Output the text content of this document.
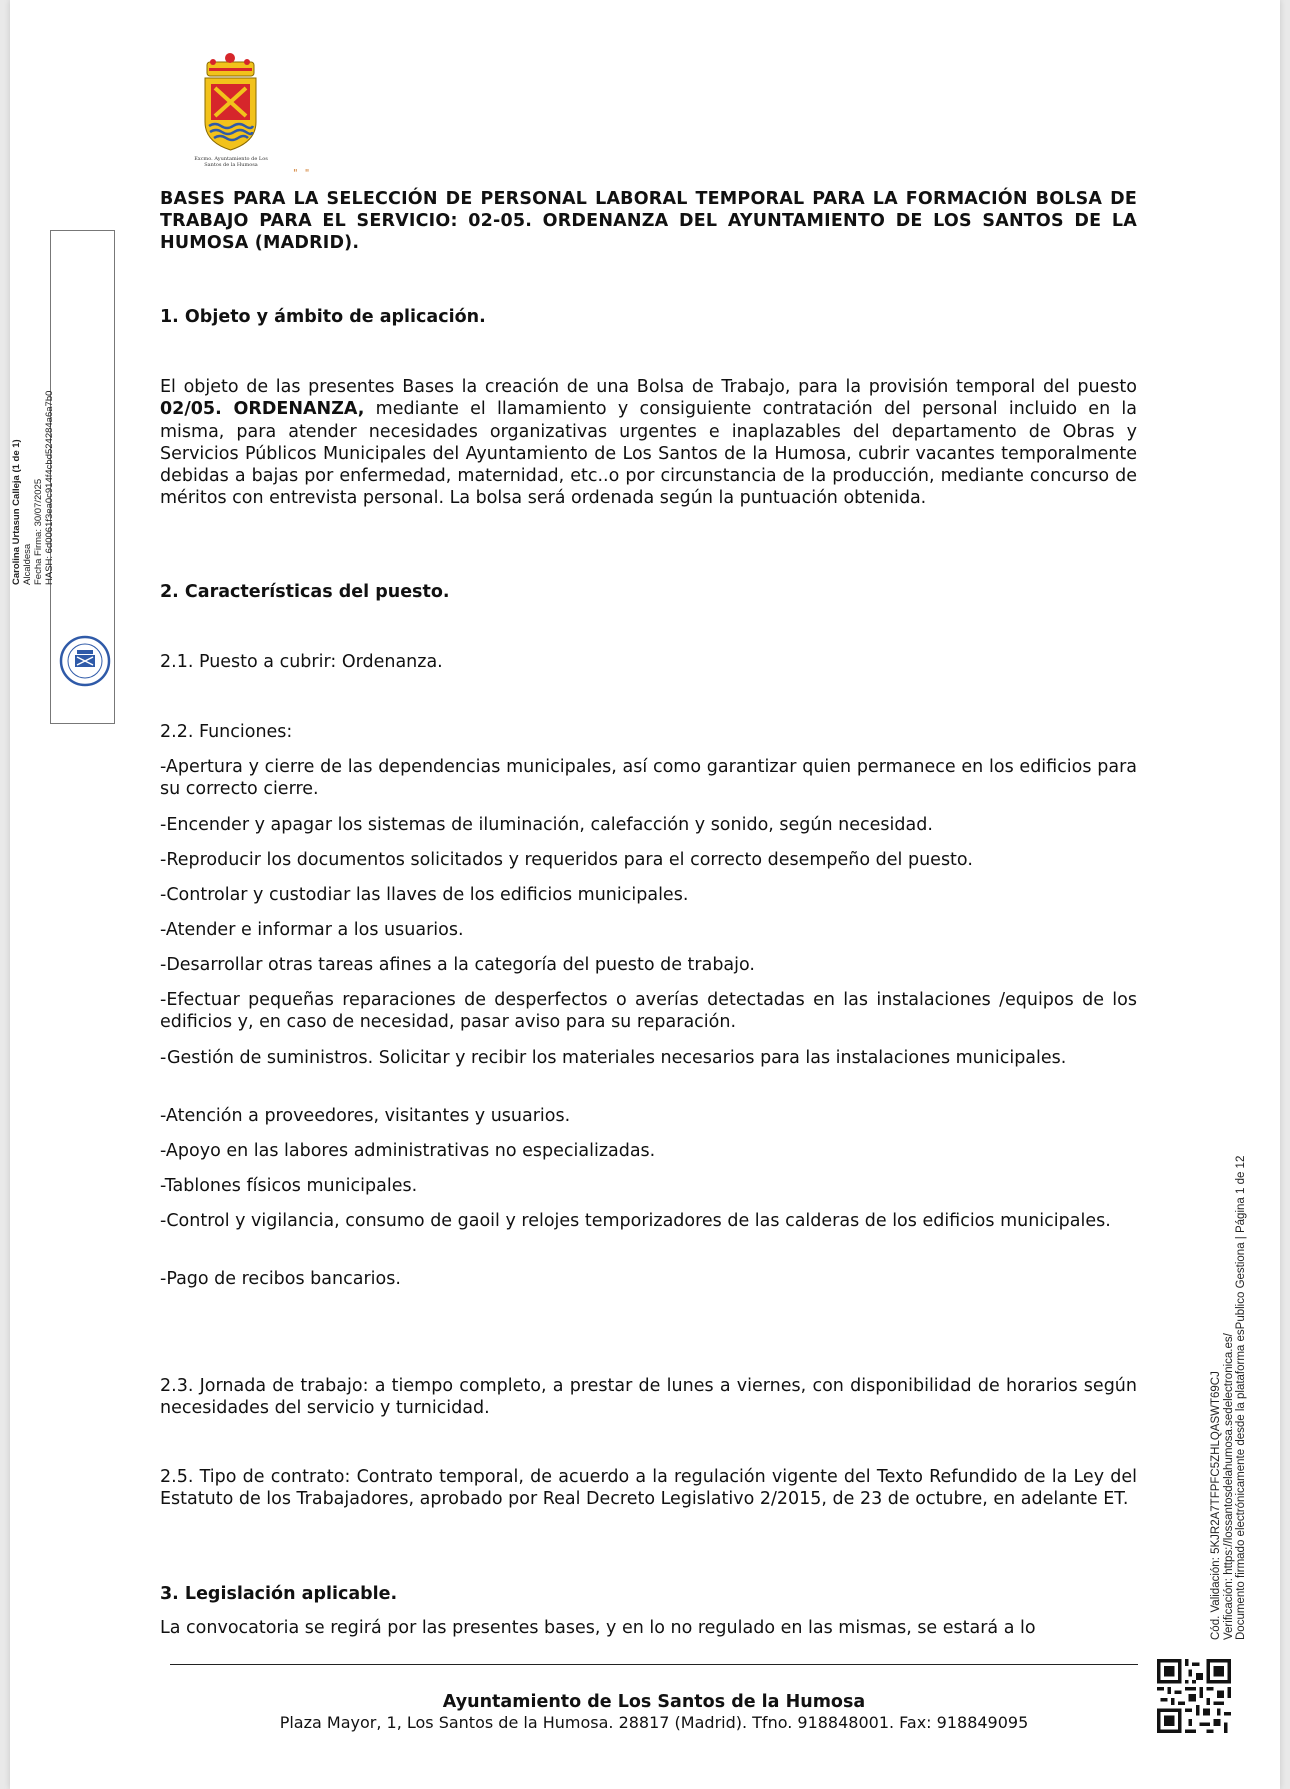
Excmo. Ayuntamiento de Los Santos de la Humosa
" "
BASES PARA LA SELECCIÓN DE PERSONAL LABORAL TEMPORAL PARA LA FORMACIÓN BOLSA DE TRABAJO PARA EL SERVICIO: 02-05. ORDENANZA DEL AYUNTAMIENTO DE LOS SANTOS DE LA HUMOSA (MADRID).
1. Objeto y ámbito de aplicación.
El objeto de las presentes Bases la creación de una Bolsa de Trabajo, para la provisión temporal del puesto 02/05. ORDENANZA, mediante el llamamiento y consiguiente contratación del personal incluido en la misma, para atender necesidades organizativas urgentes e inaplazables del departamento de Obras y Servicios Públicos Municipales del Ayuntamiento de Los Santos de la Humosa, cubrir vacantes temporalmente debidas a bajas por enfermedad, maternidad, etc..o por circunstancia de la producción, mediante concurso de méritos con entrevista personal. La bolsa será ordenada según la puntuación obtenida.
2. Características del puesto.
2.1. Puesto a cubrir: Ordenanza.
2.2. Funciones:
-Apertura y cierre de las dependencias municipales, así como garantizar quien permanece en los edificios para su correcto cierre.
-Encender y apagar los sistemas de iluminación, calefacción y sonido, según necesidad.
-Reproducir los documentos solicitados y requeridos para el correcto desempeño del puesto.
-Controlar y custodiar las llaves de los edificios municipales.
-Atender e informar a los usuarios.
-Desarrollar otras tareas afines a la categoría del puesto de trabajo.
-Efectuar pequeñas reparaciones de desperfectos o averías detectadas en las instalaciones /equipos de los edificios y, en caso de necesidad, pasar aviso para su reparación.
-Gestión de suministros. Solicitar y recibir los materiales necesarios para las instalaciones municipales.
-Atención a proveedores, visitantes y usuarios.
-Apoyo en las labores administrativas no especializadas.
-Tablones físicos municipales.
-Control y vigilancia, consumo de gaoil y relojes temporizadores de las calderas de los edificios municipales.
-Pago de recibos bancarios.
2.3. Jornada de trabajo: a tiempo completo, a prestar de lunes a viernes, con disponibilidad de horarios según necesidades del servicio y turnicidad.
2.5. Tipo de contrato: Contrato temporal, de acuerdo a la regulación vigente del Texto Refundido de la Ley del Estatuto de los Trabajadores, aprobado por Real Decreto Legislativo 2/2015, de 23 de octubre, en adelante ET.
3. Legislación aplicable.
La convocatoria se regirá por las presentes bases, y en lo no regulado en las mismas, se estará a lo
Carolina Urtasun Calleja (1 de 1) Alcaldesa Fecha Firma: 30/07/2025 HASH: 6d0061f3ea0c914f4cbd524284a6a7b0
Cód. Validación: 5KJR2A7TFPFC5ZHLQASWT69CJ Verificación: https://lossantosdelahumosa.sedelectronica.es/ Documento firmado electrónicamente desde la plataforma esPublico Gestiona | Página 1 de 12
Ayuntamiento de Los Santos de la Humosa
Plaza Mayor, 1, Los Santos de la Humosa. 28817 (Madrid). Tfno. 918848001. Fax: 918849095
